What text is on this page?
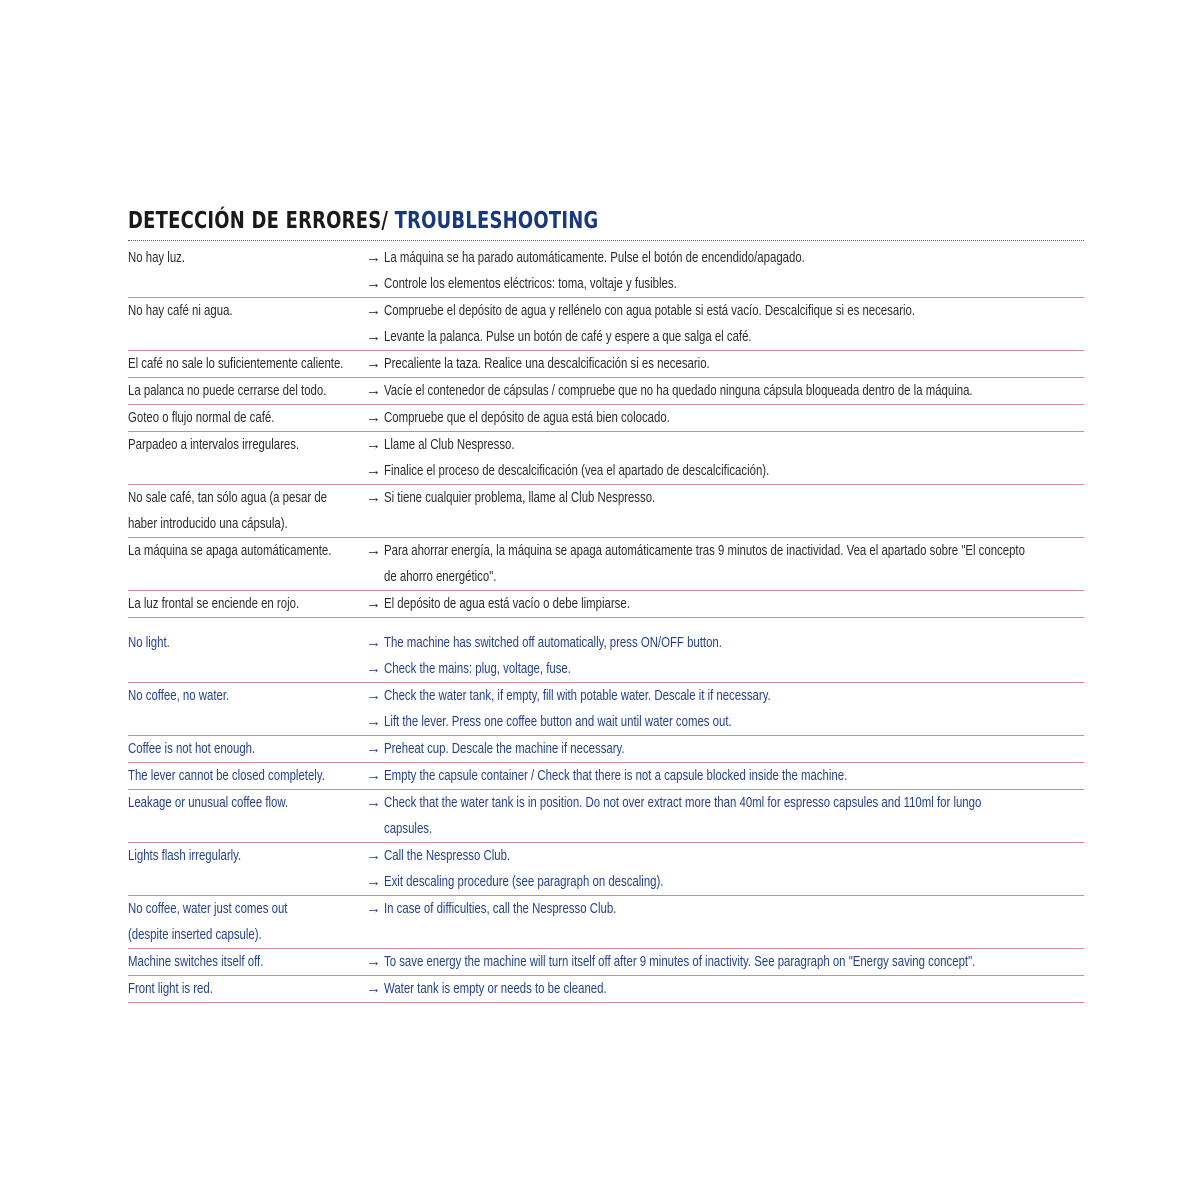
DETECCIÓN DE ERRORES/ TROUBLESHOOTING
No hay luz.	→ La máquina se ha parado automáticamente. Pulse el botón de encendido/apagado.
→ Controle los elementos eléctricos: toma, voltaje y fusibles.
No hay café ni agua.	→ Compruebe el depósito de agua y rellénelo con agua potable si está vacío. Descalcifique si es necesario.
→ Levante la palanca. Pulse un botón de café y espere a que salga el café.
El café no sale lo suficientemente caliente. → Precaliente la taza. Realice una descalcificación si es necesario.
La palanca no puede cerrarse del todo.	→ Vacíe el contenedor de cápsulas / compruebe que no ha quedado ninguna cápsula bloqueada dentro de la máquina.
Goteo o flujo normal de café.	→ Compruebe que el depósito de agua está bien colocado.
Parpadeo a intervalos irregulares.	→ Llame al Club Nespresso.
→ Finalice el proceso de descalcificación (vea el apartado de descalcificación).
No sale café, tan sólo agua (a pesar de
haber introducido una cápsula).
→ Si tiene cualquier problema, llame al Club Nespresso.
La máquina se apaga automáticamente. → Para ahorrar energía, la máquina se apaga automáticamente tras 9 minutos de inactividad. Vea el apartado sobre "El concepto
de ahorro energético".
La luz frontal se enciende en rojo.	→ El depósito de agua está vacío o debe limpiarse.
No light.	→ The machine has switched off automatically, press ON/OFF button.
→ Check the mains: plug, voltage, fuse.
No coffee, no water.	→ Check the water tank, if empty, fill with potable water. Descale it if necessary.
→ Lift the lever. Press one coffee button and wait until water comes out.
Coffee is not hot enough.	→ Preheat cup. Descale the machine if necessary.
The lever cannot be closed completely.	→ Empty the capsule container / Check that there is not a capsule blocked inside the machine.
Leakage or unusual coffee flow.	→ Check that the water tank is in position. Do not over extract more than 40ml for espresso capsules and 110ml for lungo
capsules.
Lights flash irregularly.	→ Call the Nespresso Club.
→ Exit descaling procedure (see paragraph on descaling).
No coffee, water just comes out
(despite inserted capsule).
→ In case of difficulties, call the Nespresso Club.
Machine switches itself off.	→ To save energy the machine will turn itself off after 9 minutes of inactivity. See paragraph on "Energy saving concept".
Front light is red.	→ Water tank is empty or needs to be cleaned.
